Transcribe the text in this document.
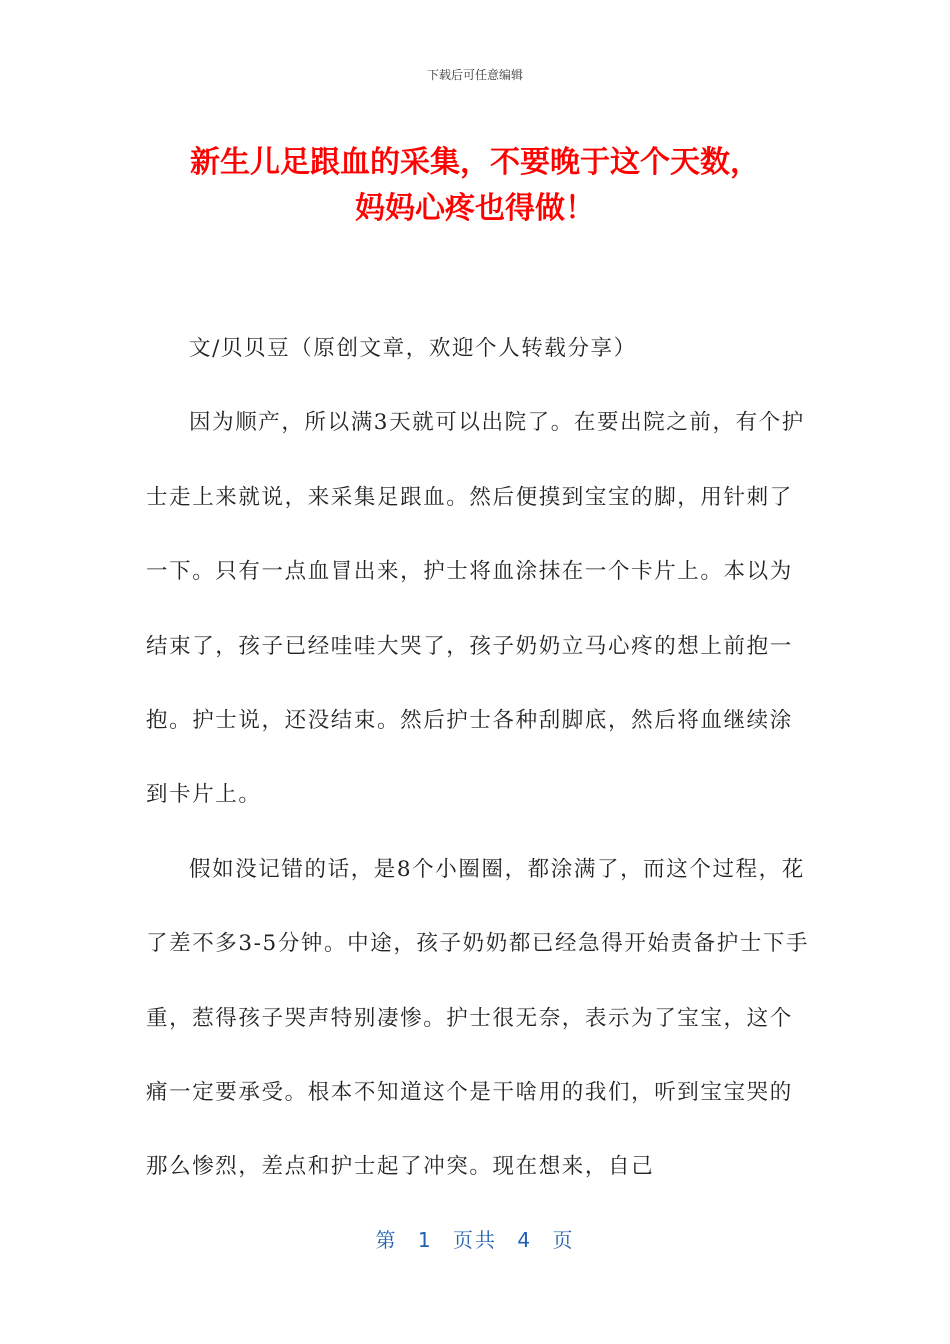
下载后可任意编辑
新生儿足跟血的采集，不要晚于这个天数，
妈妈心疼也得做！

文/贝贝豆（原创文章，欢迎个人转载分享）

因为顺产，所以满3天就可以出院了。在要出院之前，有个护士走上来就说，来采集足跟血。然后便摸到宝宝的脚，用针刺了一下。只有一点血冒出来，护士将血涂抹在一个卡片上。本以为结束了，孩子已经哇哇大哭了，孩子奶奶立马心疼的想上前抱一抱。护士说，还没结束。然后护士各种刮脚底，然后将血继续涂到卡片上。

假如没记错的话，是8个小圈圈，都涂满了，而这个过程，花了差不多3-5分钟。中途，孩子奶奶都已经急得开始责备护士下手重，惹得孩子哭声特别凄惨。护士很无奈，表示为了宝宝，这个痛一定要承受。根本不知道这个是干啥用的我们，听到宝宝哭的那么惨烈，差点和护士起了冲突。现在想来，自己

第 1 页共 4 页
